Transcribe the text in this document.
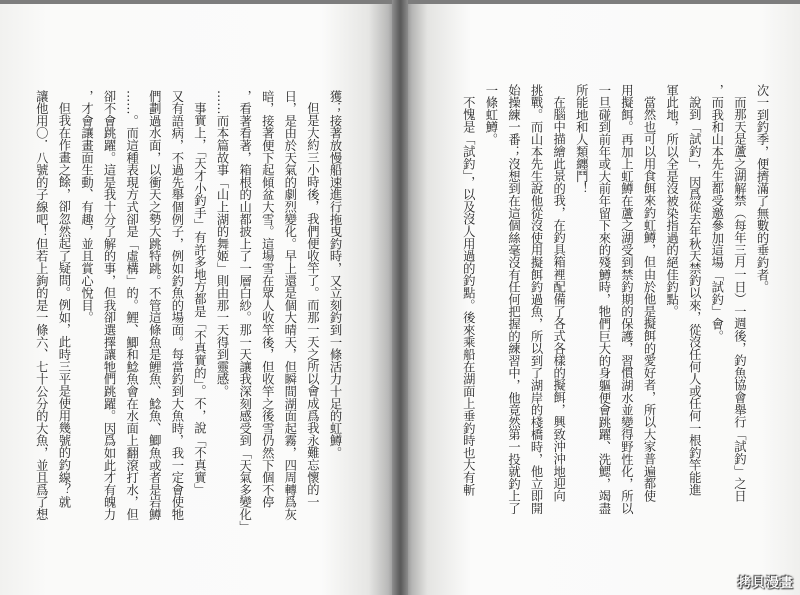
獲；接著放慢船速進行拖曳釣時，又立刻釣到一條活力十足的虹鱒。

但是大約三小時後，我們便收竿了。而那一天之所以會成爲我永難忘懷的一

日，是由於天氣的劇烈變化。早上還是個大晴天，但瞬間湖面起霧，四周轉爲灰

暗，接著便下起傾盆大雪。這場雪在眾人收竿後，但收竿之後雪仍然下個不停

，看著看著，箱根的山都披上了一層白紗。那一天讓我深刻感受到「天氣多變化」

……而本篇故事「山上湖的舞姬」則由那一天得到靈感。

事實上，「天才小釣手」有許多地方都是「不真實的」。不，說「不真實」

又有語病，不過先舉個例子，例如釣魚的場面。每當釣到大魚時，我一定會使牠

們劃過水面，以衝天之勢大跳特跳。不管這條魚是鯉魚、鯰魚、鯽魚或者是岩鱒

……。而這種表現方式卻是「虛構」的。鯉、鯽和鯰魚會在水面上翻滾打水，但

卻不會跳躍。這是我十分了解的事，但我卻選擇讓牠們跳躍。因爲如此才有魄力

，才會讓畫面生動、有趣，並且賞心悅目。

但我在作畫之餘，卻忽然起了疑問。例如，此時三平是使用幾號的釣線？就

讓他用〇．八號的子線吧！但若上鉤的是一條六、七十公分的大魚，並且爲了想	次一到釣季，便擠滿了無數的垂釣者。

而那天是蘆之湖解禁（每年三月一日）一週後，釣魚協會舉行「試釣」之日

，而我和山本先生都受邀參加這場「試釣」會。

說到「試釣」，因爲從去年秋天禁釣以來，從沒任何人或任何一根釣竿能進

軍此地，所以全是沒被染指過的絕佳釣點。

當然也可以用食餌來釣虹鱒，但由於他是擬餌的愛好者，所以大家普遍都使

用擬餌。再加上虹鱒在蘆之湖受到禁釣期的保護，習慣湖水並變得野性化，所以

一旦碰到前年或大前年留下來的殘鱒時，牠們巨大的身軀便會跳躍、洗鰓，竭盡

所能地和人類纏鬥！

在腦中描繪此景的我，在釣具箱裡配備了各式各樣的擬餌，興致沖沖地迎向

挑戰。而山本先生說他從沒使用擬餌釣過魚，所以到了湖岸的棧橋時，他立即開

始操練一番；沒想到在這個絲毫沒有任何把握的練習中，他竟然第一投就釣上了

一條虹鱒。

不愧是「試釣」，以及沒人用過的釣點。後來乘船在湖面上垂釣時也大有斬

拷貝漫畫
